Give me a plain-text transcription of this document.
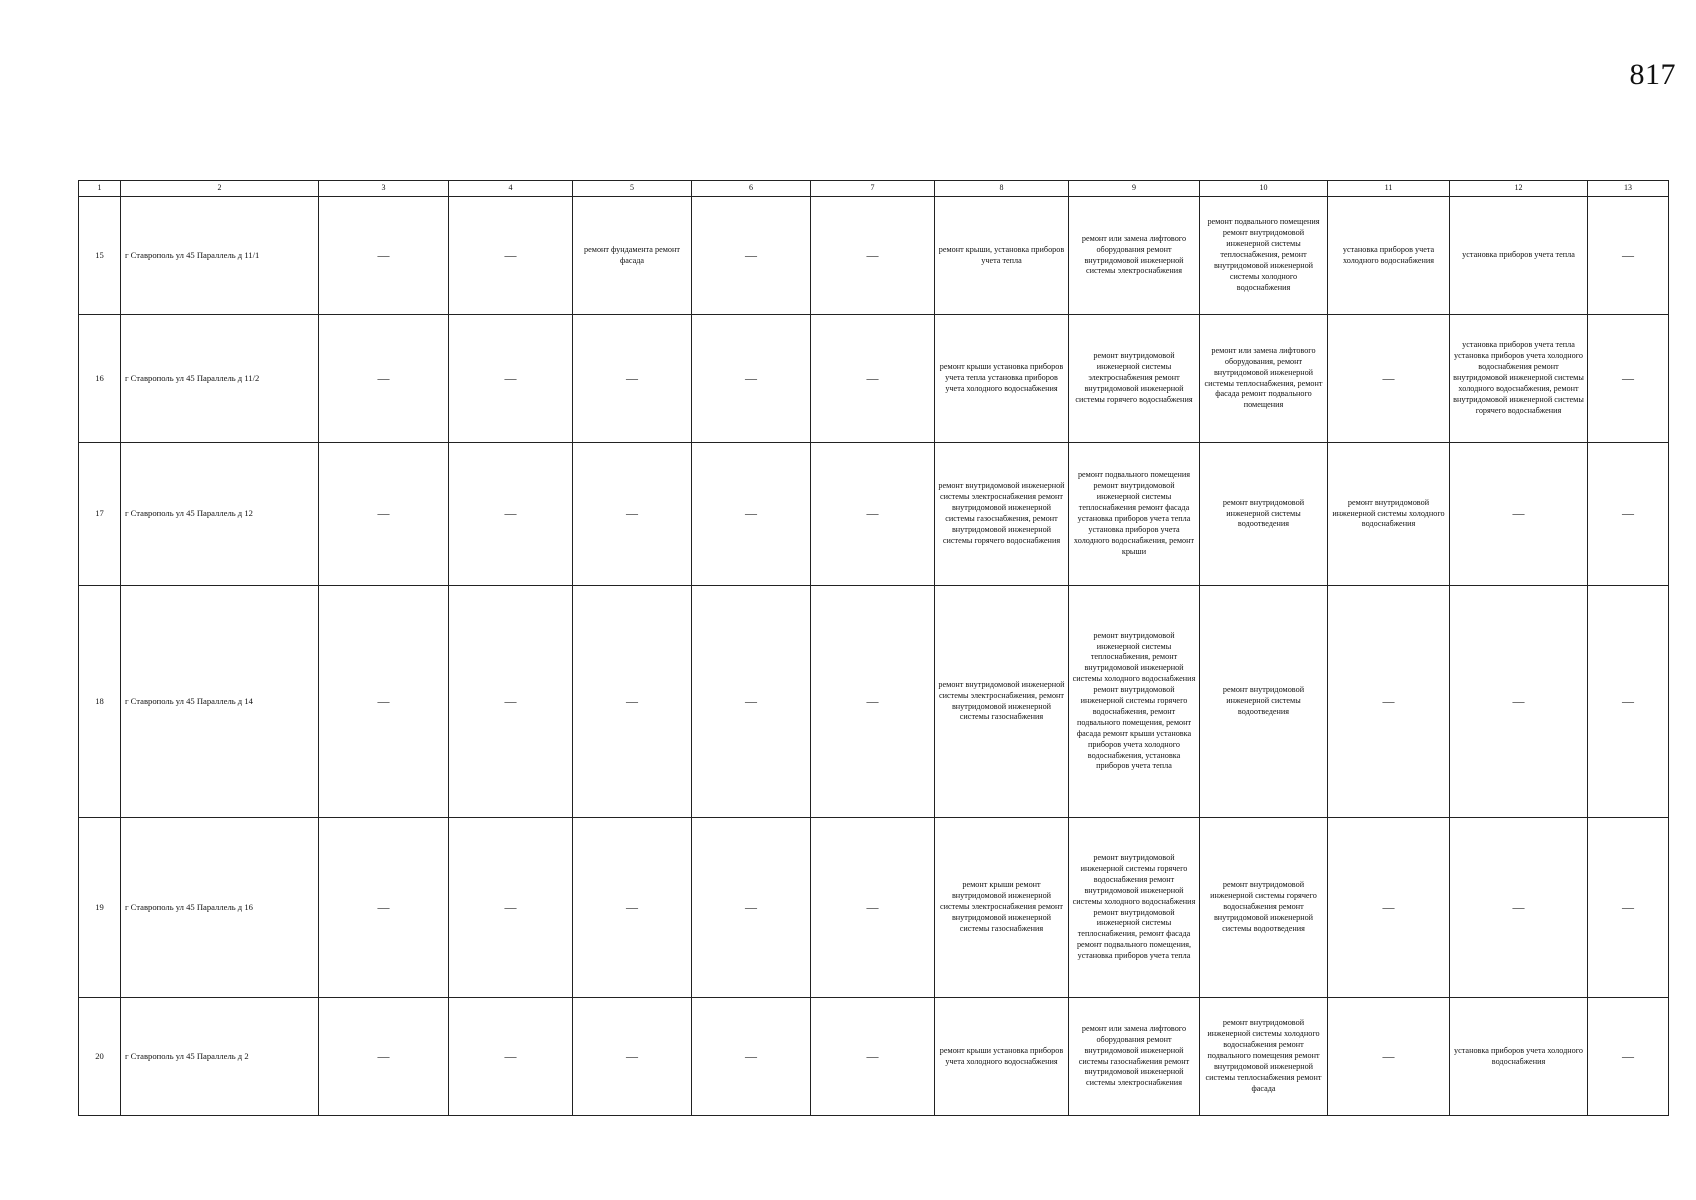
817
1	2	3	4	5	6	7	8	9	10	11	12	13
15	г Ставрополь ул 45 Параллель д 11/1	—	—	ремонт фундамента ремонт фасада	—	—	ремонт крыши, установка приборов учета тепла	ремонт или замена лифтового оборудования ремонт внутридомовой инженерной системы электроснабжения	ремонт подвального помещения ремонт внутридомовой инженерной системы теплоснабжения, ремонт внутридомовой инженерной системы холодного водоснабжения	установка приборов учета холодного водоснабжения	установка приборов учета тепла	—
16	г Ставрополь ул 45 Параллель д 11/2	—	—	—	—	—	ремонт крыши установка приборов учета тепла установка приборов учета холодного водоснабжения	ремонт внутридомовой инженерной системы электроснабжения ремонт внутридомовой инженерной системы горячего водоснабжения	ремонт или замена лифтового оборудования, ремонт внутридомовой инженерной системы теплоснабжения, ремонт фасада ремонт подвального помещения	—	установка приборов учета тепла установка приборов учета холодного водоснабжения ремонт внутридомовой инженерной системы холодного водоснабжения, ремонт внутридомовой инженерной системы горячего водоснабжения	—
17	г Ставрополь ул 45 Параллель д 12	—	—	—	—	—	ремонт внутридомовой инженерной системы электроснабжения ремонт внутридомовой инженерной системы газоснабжения, ремонт внутридомовой инженерной системы горячего водоснабжения	ремонт подвального помещения ремонт внутридомовой инженерной системы теплоснабжения ремонт фасада установка приборов учета тепла установка приборов учета холодного водоснабжения, ремонт крыши	ремонт внутридомовой инженерной системы водоотведения	ремонт внутридомовой инженерной системы холодного водоснабжения	—	—
18	г Ставрополь ул 45 Параллель д 14	—	—	—	—	—	ремонт внутридомовой инженерной системы электроснабжения, ремонт внутридомовой инженерной системы газоснабжения	ремонт внутридомовой инженерной системы теплоснабжения, ремонт внутридомовой инженерной системы холодного водоснабжения ремонт внутридомовой инженерной системы горячего водоснабжения, ремонт подвального помещения, ремонт фасада ремонт крыши установка приборов учета холодного водоснабжения, установка приборов учета тепла	ремонт внутридомовой инженерной системы водоотведения	—	—	—
19	г Ставрополь ул 45 Параллель д 16	—	—	—	—	—	ремонт крыши ремонт внутридомовой инженерной системы электроснабжения ремонт внутридомовой инженерной системы газоснабжения	ремонт внутридомовой инженерной системы горячего водоснабжения ремонт внутридомовой инженерной системы холодного водоснабжения ремонт внутридомовой инженерной системы теплоснабжения, ремонт фасада ремонт подвального помещения, установка приборов учета тепла	ремонт внутридомовой инженерной системы горячего водоснабжения ремонт внутридомовой инженерной системы водоотведения	—	—	—
20	г Ставрополь ул 45 Параллель д 2	—	—	—	—	—	ремонт крыши установка приборов учета холодного водоснабжения	ремонт или замена лифтового оборудования ремонт внутридомовой инженерной системы газоснабжения ремонт внутридомовой инженерной системы электроснабжения	ремонт внутридомовой инженерной системы холодного водоснабжения ремонт подвального помещения ремонт внутридомовой инженерной системы теплоснабжения ремонт фасада	—	установка приборов учета холодного водоснабжения	—
